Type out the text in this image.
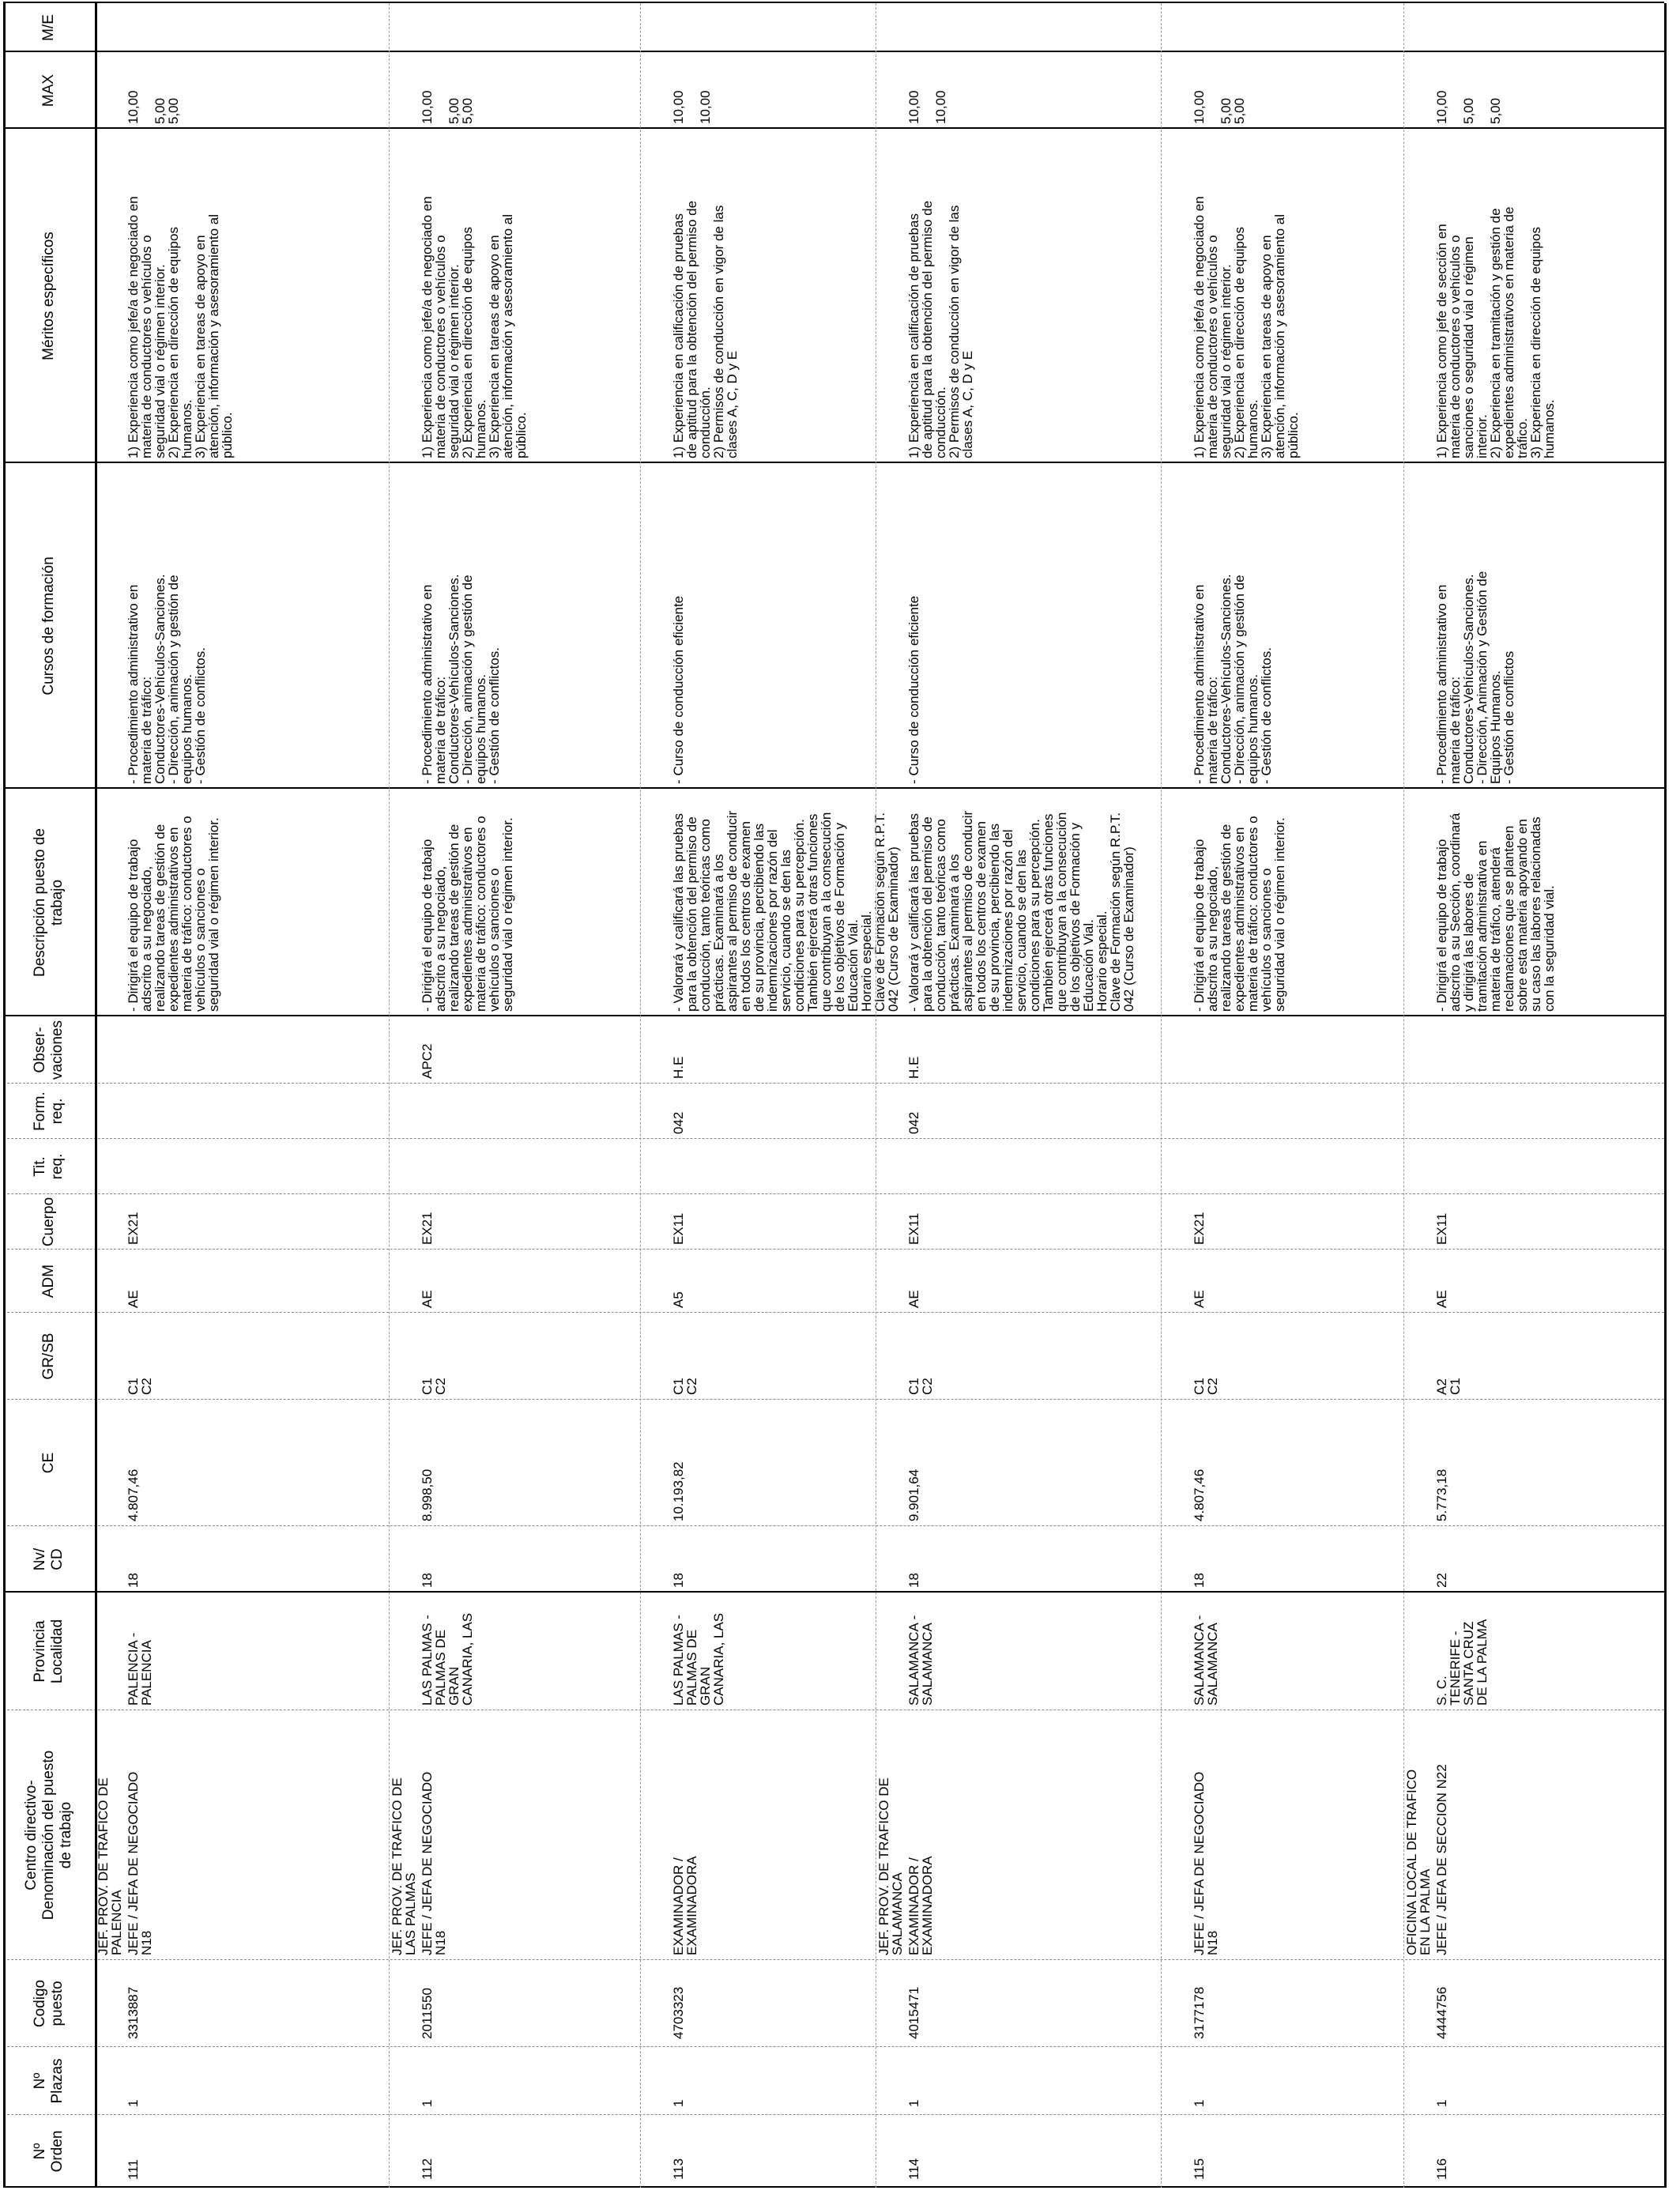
Nº
Orden
Nº
Plazas
Codigo
puesto
Centro directivo-
Denominación del puesto
de trabajo
Provincia
Localidad
Nv/
CD
CE
GR/SB
ADM
Cuerpo
Tit.
req.
Form.
req.
Obser-
vaciones
Descripción puesto de
trabajo
Cursos de formación
Méritos específicos
MAX
M/E
JEF. PROV. DE TRAFICO DE
PALENCIA
111
1
3313887
JEFE / JEFA DE NEGOCIADO
N18
PALENCIA -
PALENCIA
18
4.807,46
C1
C2
AE
EX21
- Dirigirá el equipo de trabajo
adscrito a su negociado,
realizando tareas de gestión de
expedientes administrativos en
materia de tráfico: conductores o
vehículos o sanciones o
seguridad vial o régimen interior.
- Procedimiento administrativo en
materia de tráfico:
Conductores-Vehículos-Sanciones.
- Dirección, animación y gestión de
equipos humanos.
- Gestión de conflictos.
1) Experiencia como jefe/a de negociado en
materia de conductores o vehículos o
seguridad vial o régimen interior.
2) Experiencia en dirección de equipos
humanos.
3) Experiencia en tareas de apoyo en
atención, información y asesoramiento al
público.
10,00

5,00
5,00
JEF. PROV. DE TRAFICO DE
LAS PALMAS
112
1
2011550
JEFE / JEFA DE NEGOCIADO
N18
LAS PALMAS -
PALMAS DE
GRAN
CANARIA, LAS
18
8.998,50
C1
C2
AE
EX21
APC2
- Dirigirá el equipo de trabajo
adscrito a su negociado,
realizando tareas de gestión de
expedientes administrativos en
materia de tráfico: conductores o
vehículos o sanciones o
seguridad vial o régimen interior.
- Procedimiento administrativo en
materia de tráfico:
Conductores-Vehículos-Sanciones.
- Dirección, animación y gestión de
equipos humanos.
- Gestión de conflictos.
1) Experiencia como jefe/a de negociado en
materia de conductores o vehículos o
seguridad vial o régimen interior.
2) Experiencia en dirección de equipos
humanos.
3) Experiencia en tareas de apoyo en
atención, información y asesoramiento al
público.
10,00

5,00
5,00
113
1
4703323
EXAMINADOR /
EXAMINADORA
LAS PALMAS -
PALMAS DE
GRAN
CANARIA, LAS
18
10.193,82
C1
C2
A5
EX11
042
H.E
- Valorará y calificará las pruebas
para la obtención del permiso de
conducción, tanto teóricas como
prácticas. Examinará a los
aspirantes al permiso de conducir
en todos los centros de examen
de su provincia, percibiendo las
indemnizaciones por razón del
servicio, cuando se den las
condiciones para su percepción.
También ejercerá otras funciones
que contribuyan a la consecución
de los objetivos de Formación y
Educación Vial.
Horario especial.
Clave de Formación según R.P.T.
042 (Curso de Examinador)
- Curso de conducción eficiente
1) Experiencia en calificación de pruebas
de aptitud para la obtención del permiso de
conducción.
2) Permisos de conducción en vigor de las
clases A, C, D y E
10,00

10,00
JEF. PROV. DE TRAFICO DE
SALAMANCA
114
1
4015471
EXAMINADOR /
EXAMINADORA
SALAMANCA -
SALAMANCA
18
9.901,64
C1
C2
AE
EX11
042
H.E
- Valorará y calificará las pruebas
para la obtención del permiso de
conducción, tanto teóricas como
prácticas. Examinará a los
aspirantes al permiso de conducir
en todos los centros de examen
de su provincia, percibiendo las
indemnizaciones por razón del
servicio, cuando se den las
condiciones para su percepción.
También ejercerá otras funciones
que contribuyan a la consecución
de los objetivos de Formación y
Educación Vial.
Horario especial.
Clave de Formación según R.P.T.
042 (Curso de Examinador)
- Curso de conducción eficiente
1) Experiencia en calificación de pruebas
de aptitud para la obtención del permiso de
conducción.
2) Permisos de conducción en vigor de las
clases A, C, D y E
10,00

10,00
115
1
3177178
JEFE / JEFA DE NEGOCIADO
N18
SALAMANCA -
SALAMANCA
18
4.807,46
C1
C2
AE
EX21
- Dirigirá el equipo de trabajo
adscrito a su negociado,
realizando tareas de gestión de
expedientes administrativos en
materia de tráfico: conductores o
vehículos o sanciones o
seguridad vial o régimen interior.
- Procedimiento administrativo en
materia de tráfico:
Conductores-Vehículos-Sanciones.
- Dirección, animación y gestión de
equipos humanos.
- Gestión de conflictos.
1) Experiencia como jefe/a de negociado en
materia de conductores o vehículos o
seguridad vial o régimen interior.
2) Experiencia en dirección de equipos
humanos.
3) Experiencia en tareas de apoyo en
atención, información y asesoramiento al
público.
10,00

5,00
5,00
OFICINA LOCAL DE TRAFICO
EN LA PALMA
116
1
4444756
JEFE / JEFA DE SECCION N22
S. C.
TENERIFE -
SANTA CRUZ
DE LA PALMA
22
5.773,18
A2
C1
AE
EX11
- Dirigirá el equipo de trabajo
adscrito a su Sección, coordinará
y dirigirá las labores de
tramitación administrativa en
materia de tráfico, atenderá
reclamaciones que se planteen
sobre esta materia apoyando en
su caso las labores relacionadas
con la seguridad vial.
- Procedimiento administrativo en
materia de tráfico:
Conductores-Vehículos-Sanciones.
- Dirección, Animación y Gestión de
Equipos Humanos.
- Gestión de conflictos
1) Experiencia como jefe de sección en
materia de conductores o vehículos o
sanciones o seguridad vial o régimen
interior.
2) Experiencia en tramitación y gestión de
expedientes administrativos en materia de
tráfico.
3) Experiencia en dirección de equipos
humanos.
10,00

5,00

5,00
